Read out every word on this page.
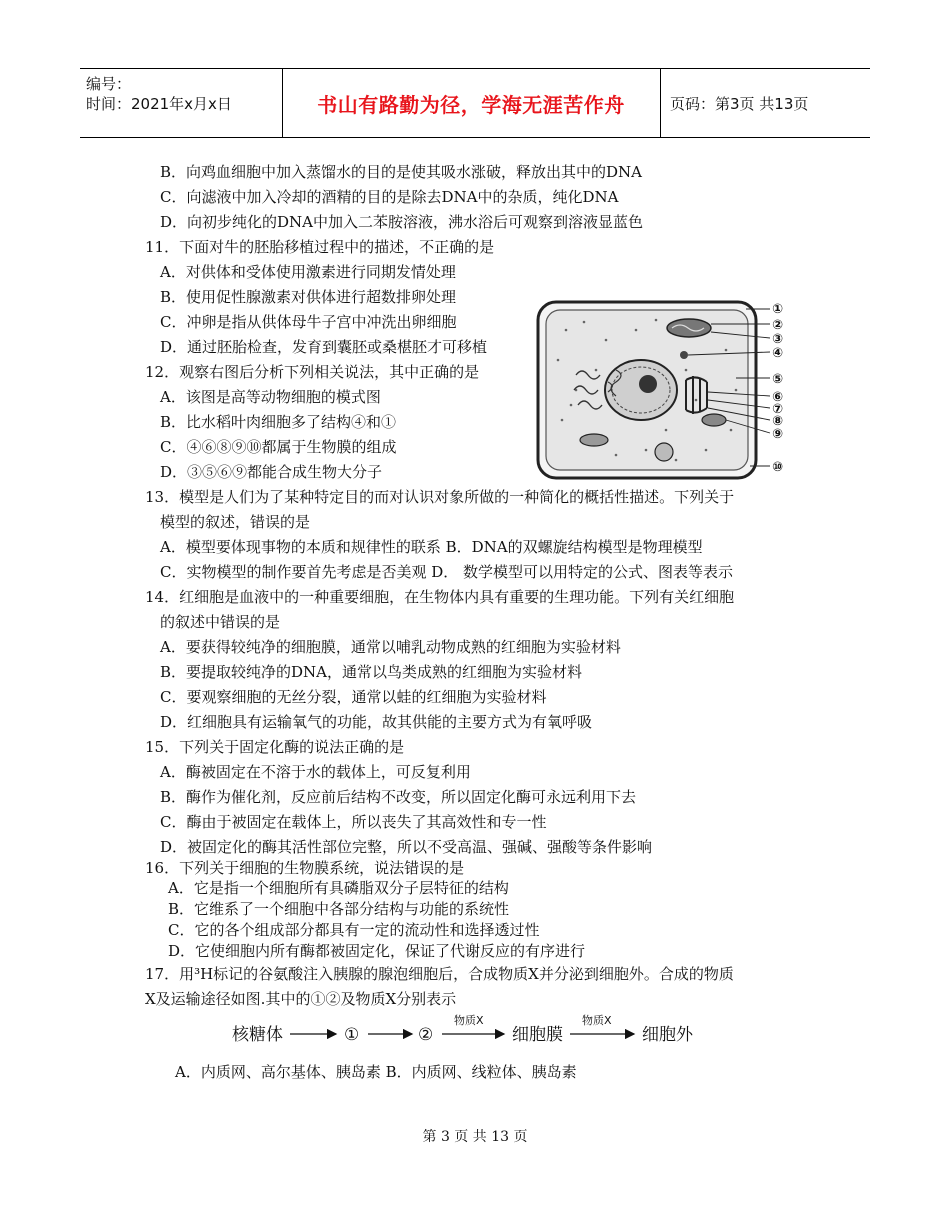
编号：
时间：2021年x月x日	书山有路勤为径，学海无涯苦作舟	页码：第3页 共13页
B．向鸡血细胞中加入蒸馏水的目的是使其吸水涨破，释放出其中的DNA
C．向滤液中加入冷却的酒精的目的是除去DNA中的杂质，纯化DNA
D．向初步纯化的DNA中加入二苯胺溶液，沸水浴后可观察到溶液显蓝色
11．下面对牛的胚胎移植过程中的描述，不正确的是
A．对供体和受体使用激素进行同期发情处理
B．使用促性腺激素对供体进行超数排卵处理
C．冲卵是指从供体母牛子宫中冲洗出卵细胞
D．通过胚胎检查，发育到囊胚或桑椹胚才可移植
12．观察右图后分析下列相关说法，其中正确的是
A．该图是高等动物细胞的模式图
B．比水稻叶肉细胞多了结构④和①
C．④⑥⑧⑨⑩都属于生物膜的组成
D．③⑤⑥⑨都能合成生物大分子
13．模型是人们为了某种特定目的而对认识对象所做的一种简化的概括性描述。下列关于
模型的叙述，错误的是
A．模型要体现事物的本质和规律性的联系 B．DNA的双螺旋结构模型是物理模型
C．实物模型的制作要首先考虑是否美观 D． 数学模型可以用特定的公式、图表等表示
14．红细胞是血液中的一种重要细胞，在生物体内具有重要的生理功能。下列有关红细胞
的叙述中错误的是
A．要获得较纯净的细胞膜，通常以哺乳动物成熟的红细胞为实验材料
B．要提取较纯净的DNA，通常以鸟类成熟的红细胞为实验材料
C．要观察细胞的无丝分裂，通常以蛙的红细胞为实验材料
D．红细胞具有运输氧气的功能，故其供能的主要方式为有氧呼吸
15．下列关于固定化酶的说法正确的是
A．酶被固定在不溶于水的载体上，可反复利用
B．酶作为催化剂，反应前后结构不改变，所以固定化酶可永远利用下去
C．酶由于被固定在载体上，所以丧失了其高效性和专一性
D．被固定化的酶其活性部位完整，所以不受高温、强碱、强酸等条件影响
16．下列关于细胞的生物膜系统，说法错误的是
A．它是指一个细胞所有具磷脂双分子层特征的结构
B．它维系了一个细胞中各部分结构与功能的系统性
C．它的各个组成部分都具有一定的流动性和选择透过性
D．它使细胞内所有酶都被固定化，保证了代谢反应的有序进行
17．用³H标记的谷氨酸注入胰腺的腺泡细胞后，合成物质X并分泌到细胞外。合成的物质
X及运输途径如图.其中的①②及物质X分别表示
A．内质网、高尔基体、胰岛素 B．内质网、线粒体、胰岛素
①
②
③
④
⑤
⑥
⑦
⑧
⑨
⑩
核糖体	①	②	细胞膜	细胞外
物质X	物质X
第 3 页 共 13 页
